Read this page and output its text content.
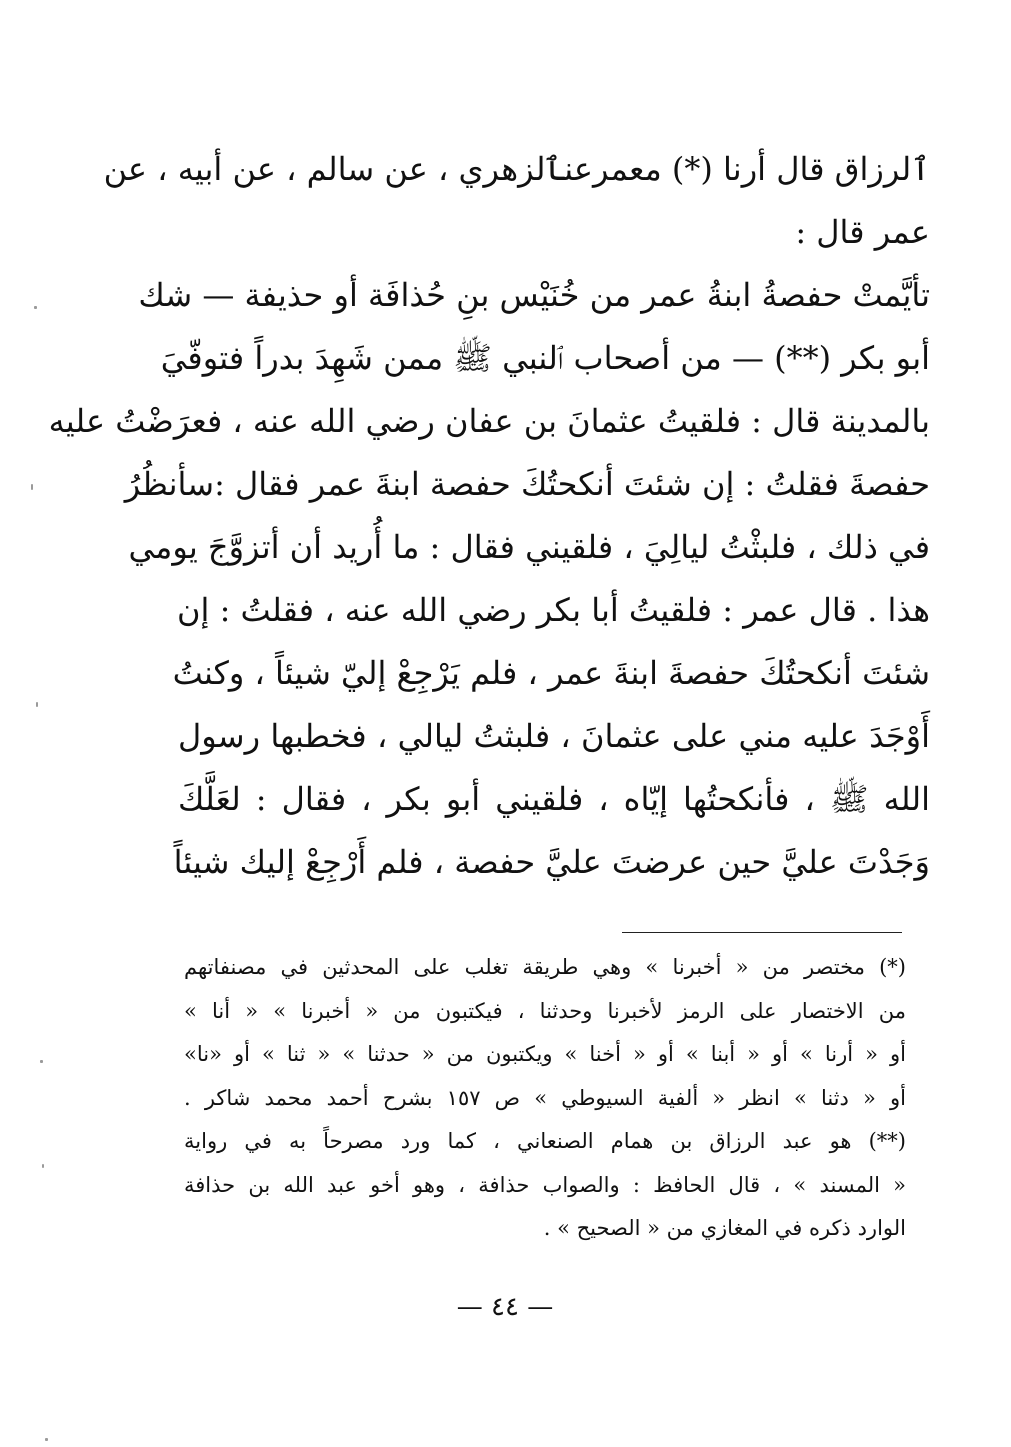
ٱلرزاق قال أرنا (*) معمرعنٱلزهري ، عن سالم ، عن أبيه ، عن
عمر قال :
تأيَّمتْ حفصةُ ابنةُ عمر من خُنَيْس بنِ حُذافَة أو حذيفة — شك
أبو بكر (**) — من أصحاب ٱلنبي ﷺ ممن شَهِدَ بدراً فتوفّيَ
بالمدينة قال : فلقيتُ عثمانَ بن عفان رضي الله عنه ، فعرَضْتُ عليه
حفصةَ فقلتُ : إن شئتَ أنكحتُكَ حفصة ابنةَ عمر فقال :سأنظُرُ
في ذلك ، فلبثْتُ ليالِيَ ، فلقيني فقال : ما أُريد أن أتزوَّجَ يومي
هذا . قال عمر : فلقيتُ أبا بكر رضي الله عنه ، فقلتُ : إن
شئتَ أنكحتُكَ حفصةَ ابنةَ عمر ، فلم يَرْجِعْ إليّ شيئاً ، وكنتُ
أَوْجَدَ عليه مني على عثمانَ ، فلبثتُ ليالي ، فخطبها رسول
الله ﷺ ، فأنكحتُها إيّاه ، فلقيني أبو بكر ، فقال : لعَلَّكَ
وَجَدْتَ عليَّ حين عرضتَ عليَّ حفصة ، فلم أَرْجِعْ إليك شيئاً
(*) مختصر من « أخبرنا » وهي طريقة تغلب على المحدثين في مصنفاتهم
من الاختصار على الرمز لأخبرنا وحدثنا ، فيكتبون من « أخبرنا » « أنا »
أو « أرنا » أو « أبنا » أو « أخنا » ويكتبون من « حدثنا » « ثنا » أو «نا»
أو « دثنا » انظر « ألفية السيوطي » ص ١٥٧ بشرح أحمد محمد شاكر .
(**) هو عبد الرزاق بن همام الصنعاني ، كما ورد مصرحاً به في رواية
« المسند » ، قال الحافظ : والصواب حذافة ، وهو أخو عبد الله بن حذافة
الوارد ذكره في المغازي من « الصحيح » .
— ٤٤ —
